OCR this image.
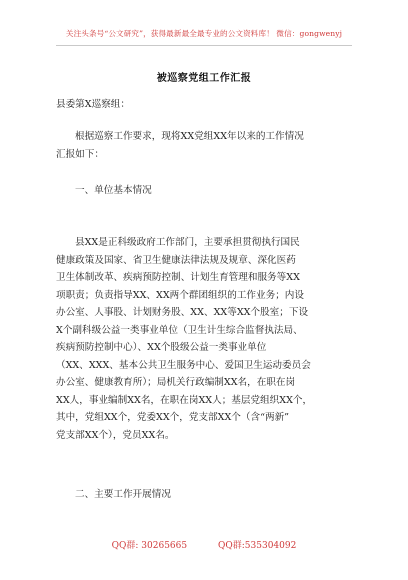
关注头条号“公文研究”，获得最新最全最专业的公文资料库！ 微信：gongwenyj
被巡察党组工作汇报
县委第X巡察组：
根据巡察工作要求，现将XX党组XX年以来的工作情况
汇报如下：
一、单位基本情况
县XX是正科级政府工作部门，主要承担贯彻执行国民
健康政策及国家、省卫生健康法律法规及规章、深化医药
卫生体制改革、疾病预防控制、计划生育管理和服务等XX
项职责；负责指导XX、XX两个群团组织的工作业务；内设
办公室、人事股、计划财务股、XX、XX等XX个股室；下设
X个副科级公益一类事业单位（卫生计生综合监督执法局、
疾病预防控制中心）、XX个股级公益一类事业单位
（XX、XXX、基本公共卫生服务中心、爱国卫生运动委员会
办公室、健康教育所）；局机关行政编制XX名，在职在岗
XX人，事业编制XX名，在职在岗XX人；基层党组织XX个，
其中，党组XX个，党委XX个，党支部XX个（含“两新”
党支部XX个），党员XX名。
二、主要工作开展情况
QQ群: 30265665	QQ群:535304092
